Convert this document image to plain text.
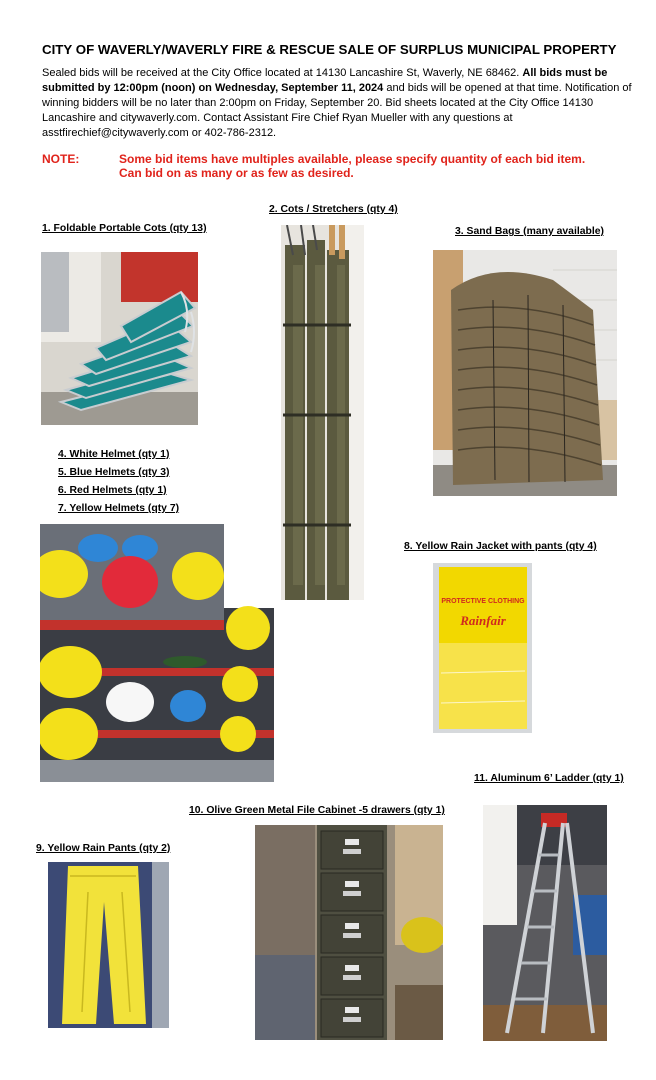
CITY OF WAVERLY/WAVERLY FIRE & RESCUE SALE OF SURPLUS MUNICIPAL PROPERTY
Sealed bids will be received at the City Office located at 14130 Lancashire St, Waverly, NE 68462. All bids must be submitted by 12:00pm (noon) on Wednesday, September 11, 2024 and bids will be opened at that time. Notification of winning bidders will be no later than 2:00pm on Friday, September 20. Bid sheets located at the City Office 14130 Lancashire and citywaverly.com. Contact Assistant Fire Chief Ryan Mueller with any questions at asstfirechief@citywaverly.com or 402-786-2312.
NOTE:	Some bid items have multiples available, please specify quantity of each bid item.
Can bid on as many or as few as desired.
1. Foldable Portable Cots (qty 13)
2. Cots / Stretchers (qty 4)
3. Sand Bags (many available)
4. White Helmet (qty 1)
5. Blue Helmets (qty 3)
6. Red Helmets (qty 1)
7. Yellow Helmets (qty 7)
8. Yellow Rain Jacket with pants (qty 4)
9. Yellow Rain Pants (qty 2)
10. Olive Green Metal File Cabinet -5 drawers (qty 1)
11. Aluminum 6’ Ladder (qty 1)
PROTECTIVE CLOTHING
Rainfair
